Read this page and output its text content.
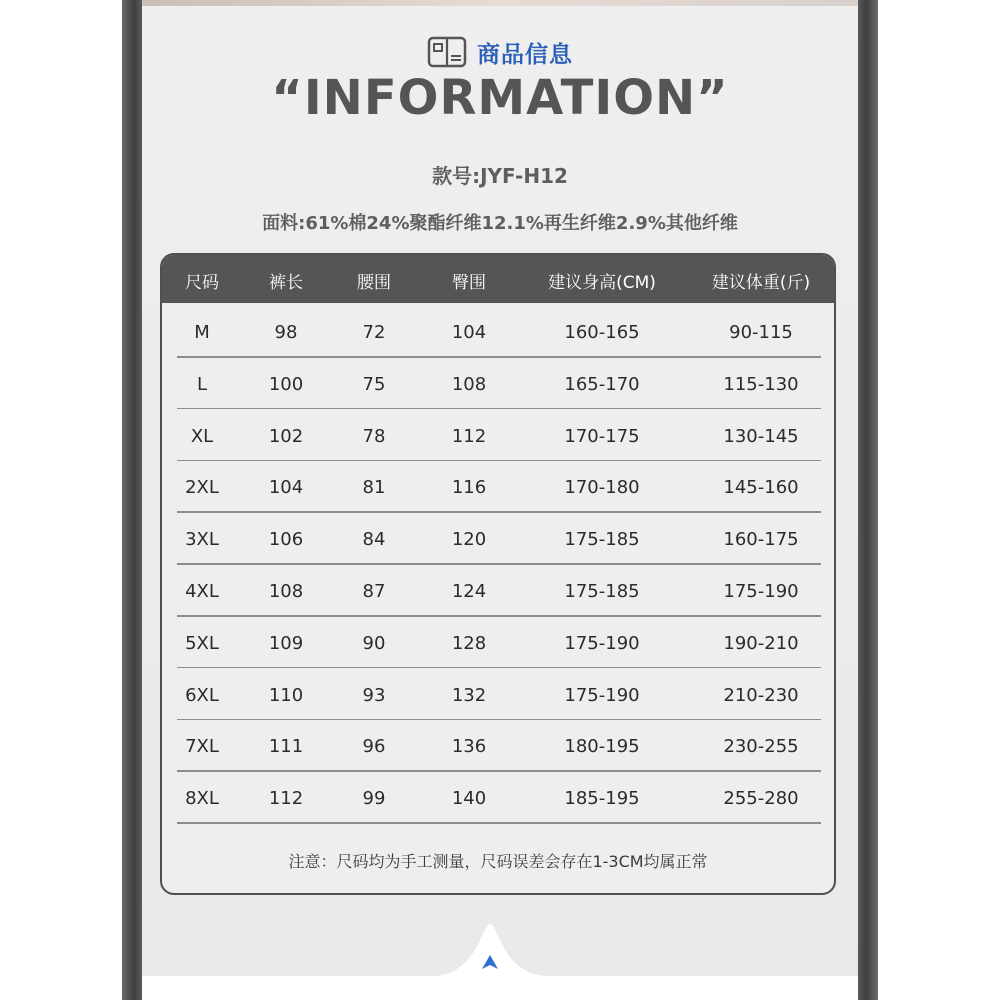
商品信息
“INFORMATION”
款号:JYF-H12
面料:61%棉24%聚酯纤维12.1%再生纤维2.9%其他纤维
尺码	裤长	腰围	臀围	建议身高(CM)	建议体重(斤)
M	98	72	104	160-165	90-115
L	100	75	108	165-170	115-130
XL	102	78	112	170-175	130-145
2XL	104	81	116	170-180	145-160
3XL	106	84	120	175-185	160-175
4XL	108	87	124	175-185	175-190
5XL	109	90	128	175-190	190-210
6XL	110	93	132	175-190	210-230
7XL	111	96	136	180-195	230-255
8XL	112	99	140	185-195	255-280
注意：尺码均为手工测量，尺码误差会存在1-3CM均属正常
